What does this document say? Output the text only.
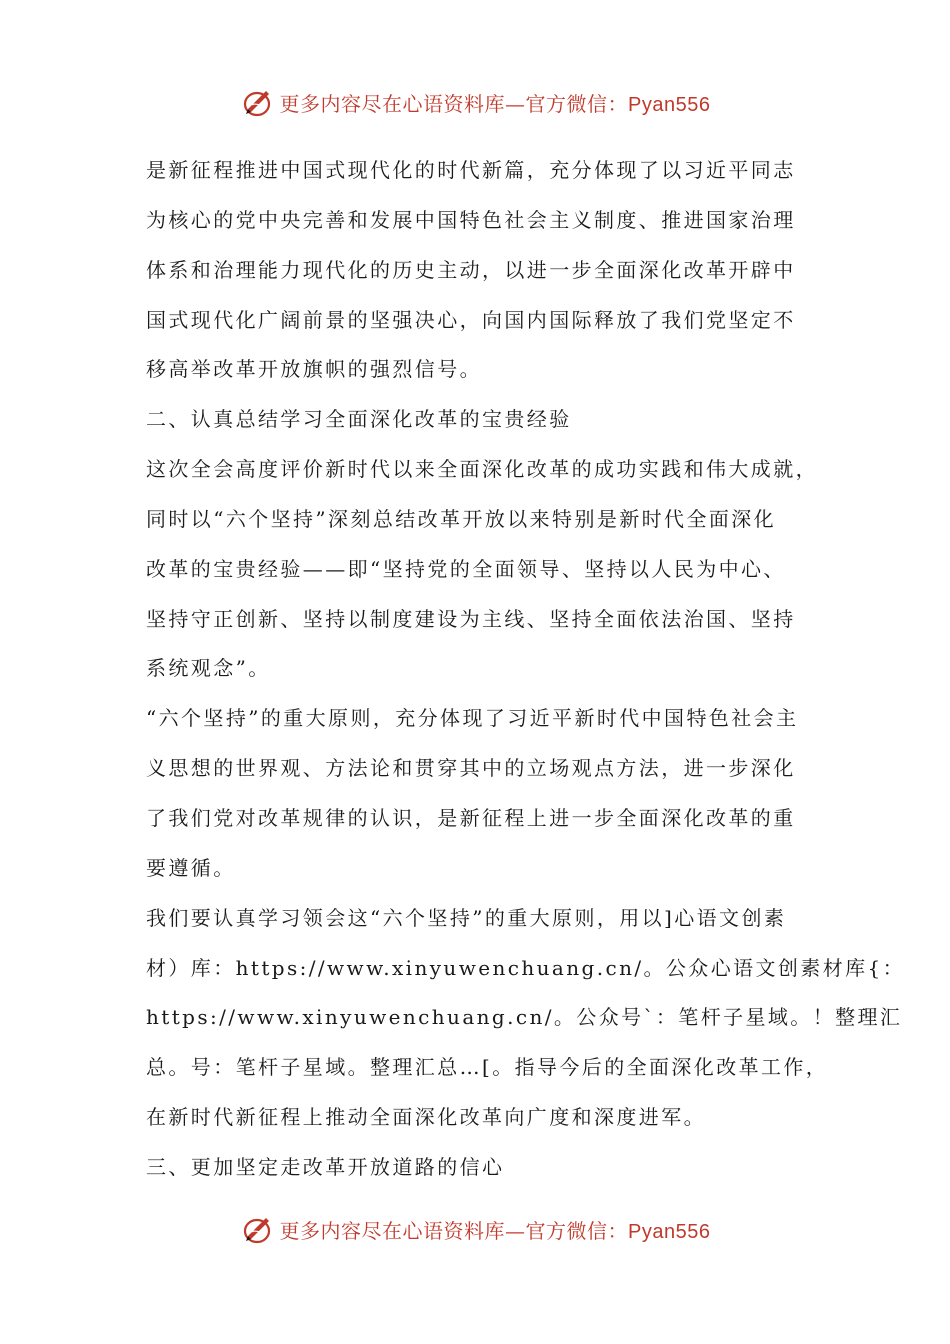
更多内容尽在心语资料库—官方微信：Pyan556
是新征程推进中国式现代化的时代新篇，充分体现了以习近平同志
为核心的党中央完善和发展中国特色社会主义制度、推进国家治理
体系和治理能力现代化的历史主动，以进一步全面深化改革开辟中
国式现代化广阔前景的坚强决心，向国内国际释放了我们党坚定不
移高举改革开放旗帜的强烈信号。
二、认真总结学习全面深化改革的宝贵经验
这次全会高度评价新时代以来全面深化改革的成功实践和伟大成就，
同时以“六个坚持”深刻总结改革开放以来特别是新时代全面深化
改革的宝贵经验——即“坚持党的全面领导、坚持以人民为中心、
坚持守正创新、坚持以制度建设为主线、坚持全面依法治国、坚持
系统观念”。
“六个坚持”的重大原则，充分体现了习近平新时代中国特色社会主
义思想的世界观、方法论和贯穿其中的立场观点方法，进一步深化
了我们党对改革规律的认识，是新征程上进一步全面深化改革的重
要遵循。
我们要认真学习领会这“六个坚持”的重大原则，用以]心语文创素
材）库：https://www.xinyuwenchuang.cn/。公众心语文创素材库{：
https://www.xinyuwenchuang.cn/。公众号`：笔杆子星域。！整理汇
总。号：笔杆子星域。整理汇总…[。指导今后的全面深化改革工作，
在新时代新征程上推动全面深化改革向广度和深度进军。
三、更加坚定走改革开放道路的信心
更多内容尽在心语资料库—官方微信：Pyan556
